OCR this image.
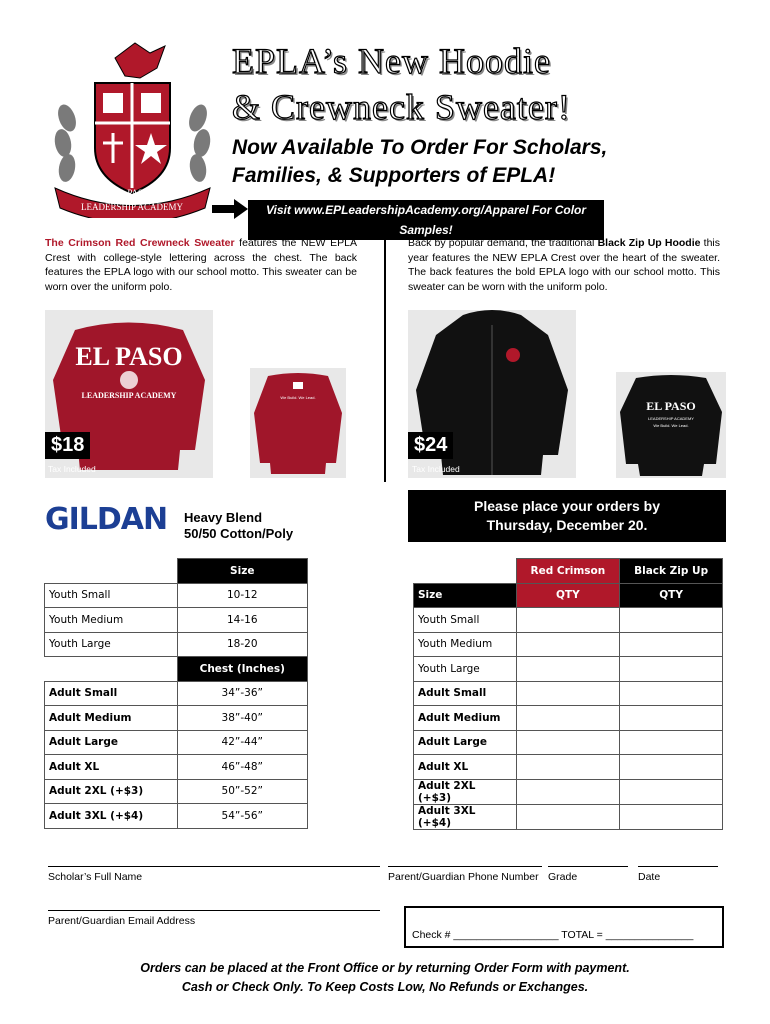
EL PASO
LEADERSHIP ACADEMY
EPLA’s New Hoodie
& Crewneck Sweater!
Now Available To Order For Scholars,
Families, & Supporters of EPLA!
Visit www.EPLeadershipAcademy.org/Apparel For Color Samples!
The Crimson Red Crewneck Sweater features the NEW EPLA Crest with college-style lettering across the chest. The back features the EPLA logo with our school motto. This sweater can be worn over the uniform polo.
Back by popular demand, the traditional Black Zip Up Hoodie this year features the NEW EPLA Crest over the heart of the sweater. The back features the bold EPLA logo with our school motto. This sweater can be worn with the uniform polo.
EL PASO
LEADERSHIP ACADEMY	We Build. We Lead.
$18
Tax Included
EL PASO
LEADERSHIP ACADEMY
We Build. We Lead.
$24
Tax Included
GILDAN Heavy Blend
50/50 Cotton/Poly
Please place your orders by
Thursday, December 20.
	Size
Youth Small	10-12
Youth Medium	14-16
Youth Large	18-20
	Chest (Inches)
Adult Small	34”-36”
Adult Medium	38”-40”
Adult Large	42”-44”
Adult XL	46”-48”
Adult 2XL (+$3)	50”-52”
Adult 3XL (+$4)	54”-56”
	Red Crimson	Black Zip Up
Size	QTY	QTY
Youth Small		
Youth Medium		
Youth Large		
Adult Small		
Adult Medium		
Adult Large		
Adult XL		
Adult 2XL (+$3)		
Adult 3XL (+$4)		
Scholar’s Full Name	Parent/Guardian Phone Number Grade	Date
Parent/Guardian Email Address
Check # __________________ TOTAL = _______________
Orders can be placed at the Front Office or by returning Order Form with payment.
Cash or Check Only. To Keep Costs Low, No Refunds or Exchanges.
